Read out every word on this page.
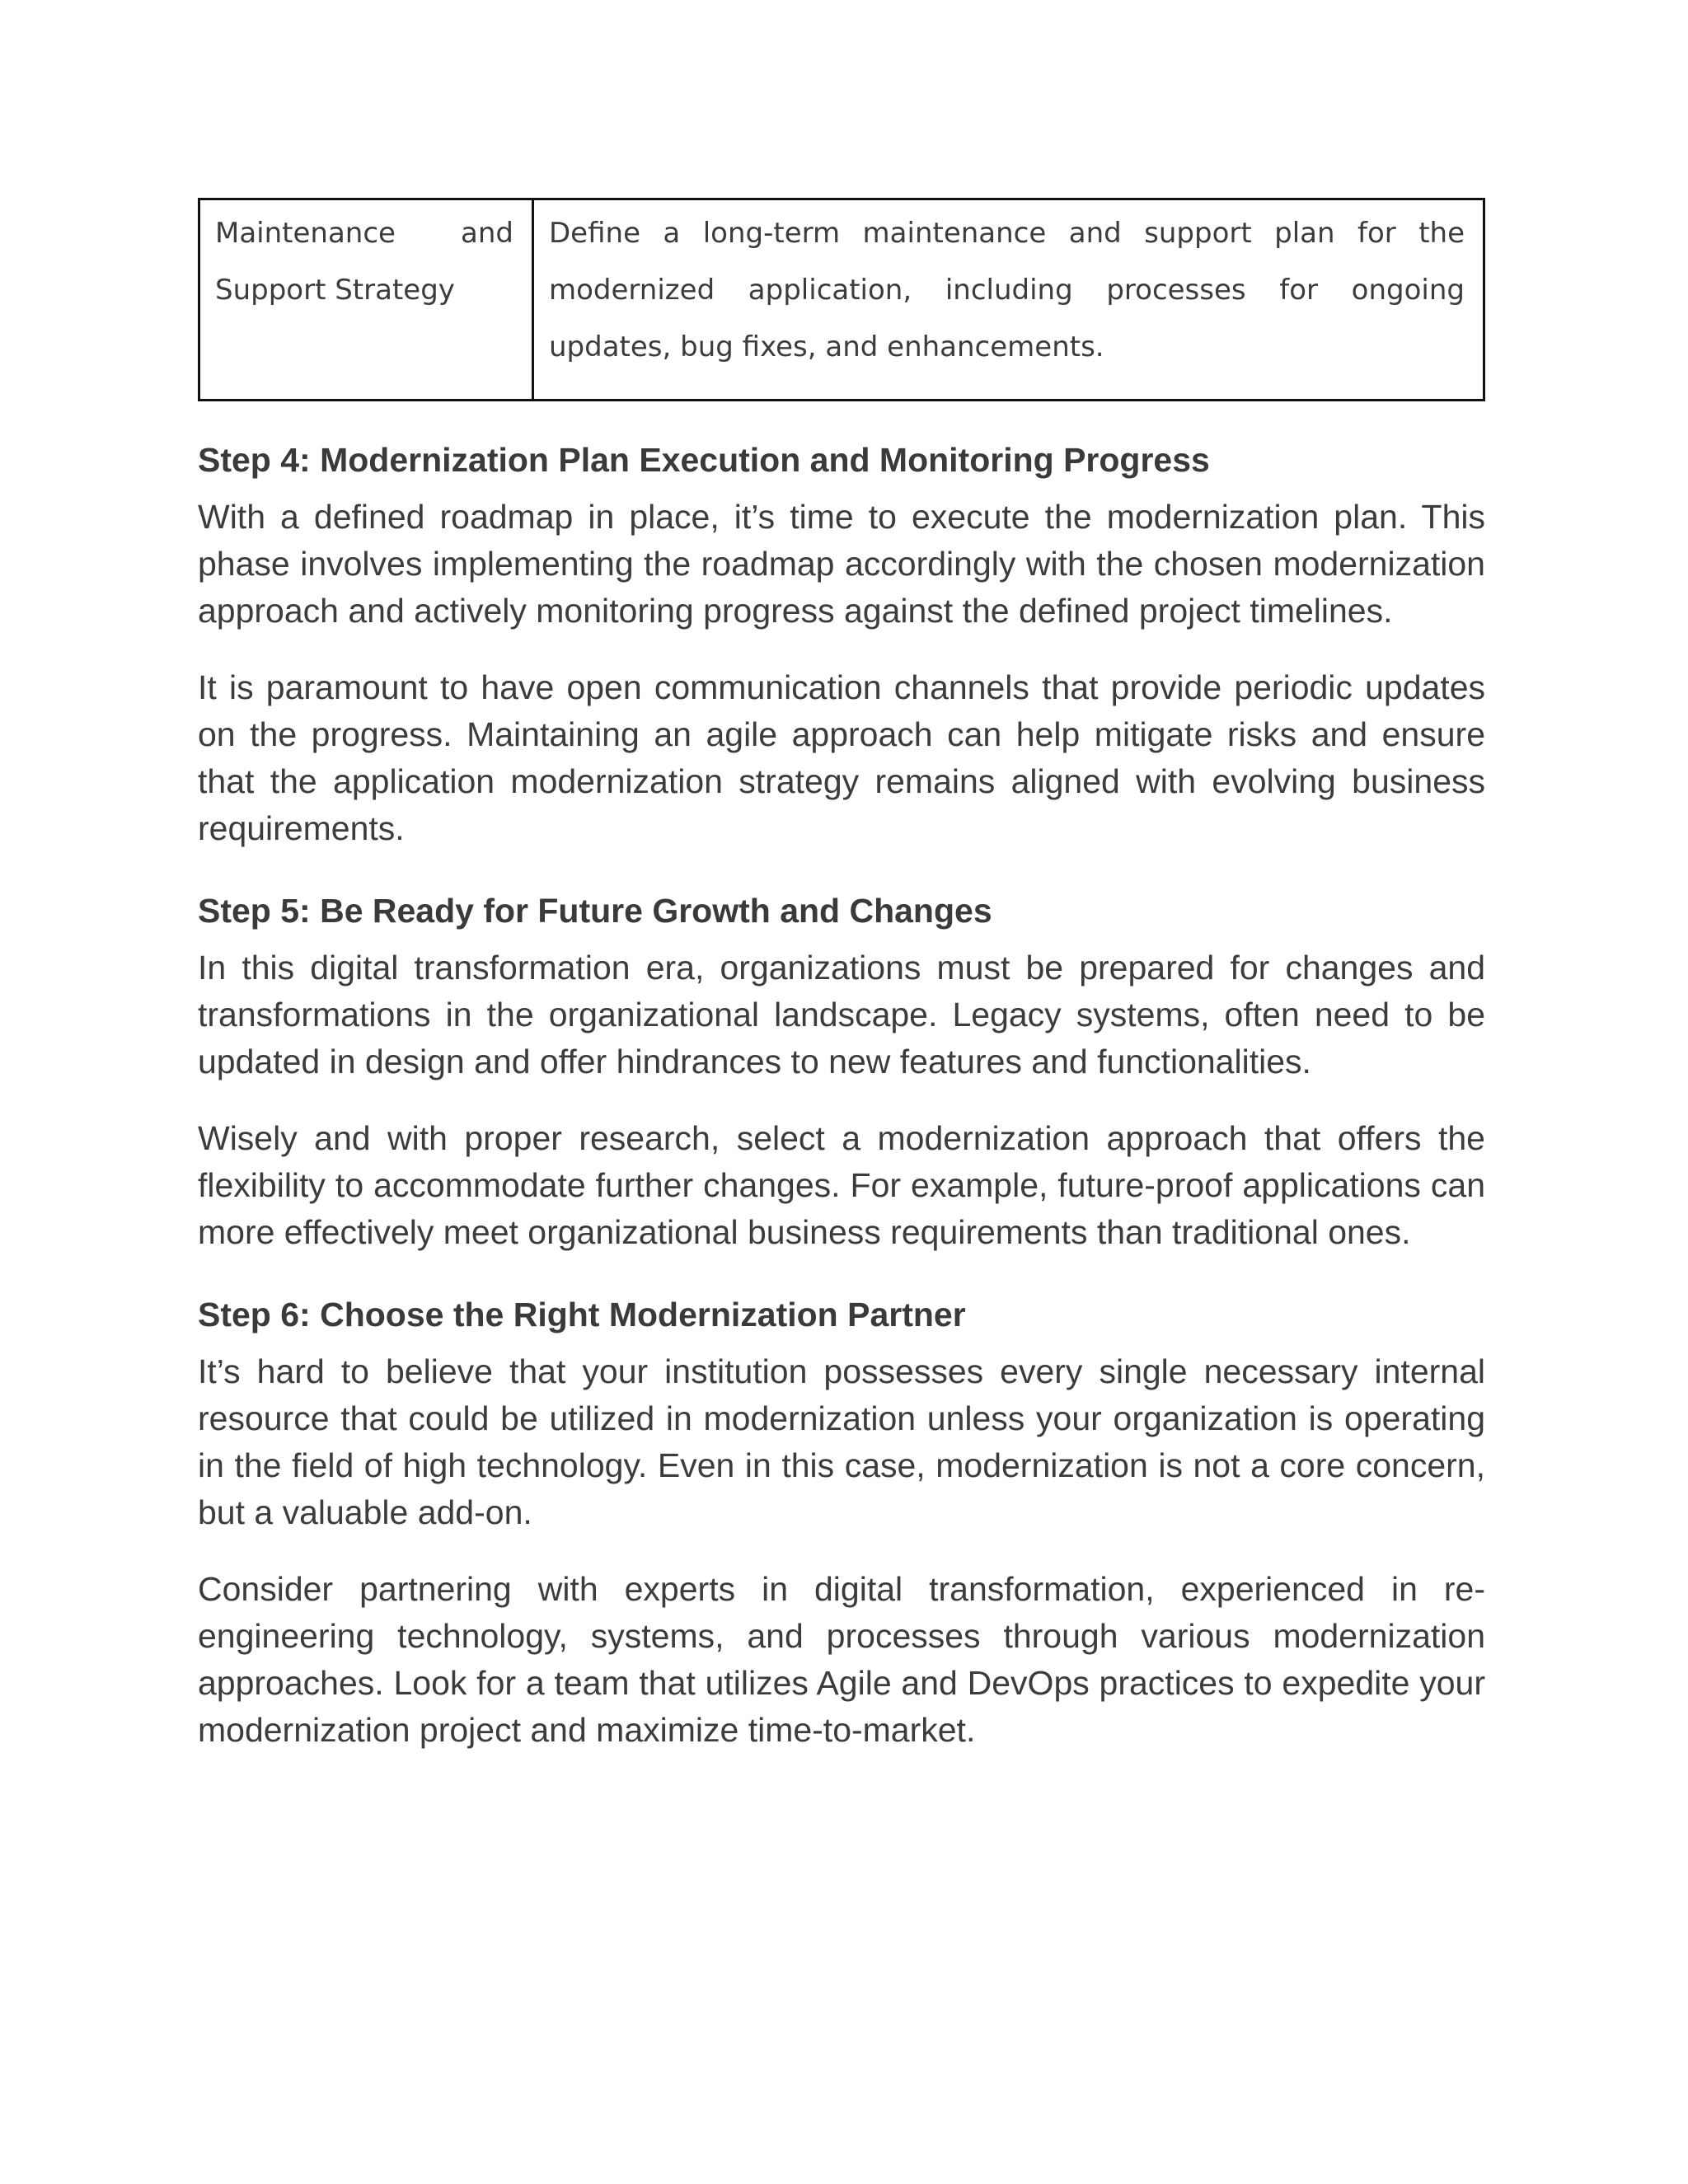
Maintenance and Support Strategy	Define a long-term maintenance and support plan for the modernized application, including processes for ongoing updates, bug fixes, and enhancements.
Step 4: Modernization Plan Execution and Monitoring Progress

With a defined roadmap in place, it’s time to execute the modernization plan. This phase involves implementing the roadmap accordingly with the chosen modernization approach and actively monitoring progress against the defined project timelines.

It is paramount to have open communication channels that provide periodic updates on the progress. Maintaining an agile approach can help mitigate risks and ensure that the application modernization strategy remains aligned with evolving business requirements.

Step 5: Be Ready for Future Growth and Changes

In this digital transformation era, organizations must be prepared for changes and transformations in the organizational landscape. Legacy systems, often need to be updated in design and offer hindrances to new features and functionalities.

Wisely and with proper research, select a modernization approach that offers the flexibility to accommodate further changes. For example, future-proof applications can more effectively meet organizational business requirements than traditional ones.

Step 6: Choose the Right Modernization Partner

It’s hard to believe that your institution possesses every single necessary internal resource that could be utilized in modernization unless your organization is operating in the field of high technology. Even in this case, modernization is not a core concern, but a valuable add-on.

Consider partnering with experts in digital transformation, experienced in re-engineering technology, systems, and processes through various modernization approaches. Look for a team that utilizes Agile and DevOps practices to expedite your modernization project and maximize time-to-market.
